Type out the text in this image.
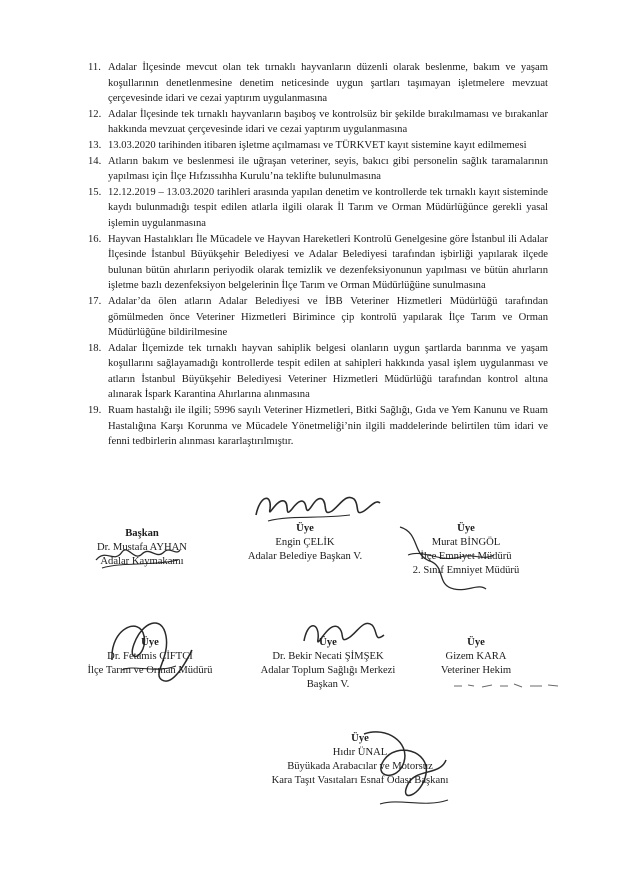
11. Adalar İlçesinde mevcut olan tek tırnaklı hayvanların düzenli olarak beslenme, bakım ve yaşam koşullarının denetlenmesine denetim neticesinde uygun şartları taşımayan işletmelere mevzuat çerçevesinde idari ve cezai yaptırım uygulanmasına
12. Adalar İlçesinde tek tırnaklı hayvanların başıboş ve kontrolsüz bir şekilde bırakılmaması ve bırakanlar hakkında mevzuat çerçevesinde idari ve cezai yaptırım uygulanmasına
13. 13.03.2020 tarihinden itibaren işletme açılmaması ve TÜRKVET kayıt sistemine kayıt edilmemesi
14. Atların bakım ve beslenmesi ile uğraşan veteriner, seyis, bakıcı gibi personelin sağlık taramalarının yapılması için İlçe Hıfzıssıhha Kurulu’na teklifte bulunulmasına
15. 12.12.2019 – 13.03.2020 tarihleri arasında yapılan denetim ve kontrollerde tek tırnaklı kayıt sisteminde kaydı bulunmadığı tespit edilen atlarla ilgili olarak İl Tarım ve Orman Müdürlüğünce gerekli yasal işlemin uygulanmasına
16. Hayvan Hastalıkları İle Mücadele ve Hayvan Hareketleri Kontrolü Genelgesine göre İstanbul ili Adalar İlçesinde İstanbul Büyükşehir Belediyesi ve Adalar Belediyesi tarafından işbirliği yapılarak ilçede bulunan bütün ahırların periyodik olarak temizlik ve dezenfeksiyonunun yapılması ve bütün ahırların işletme bazlı dezenfeksiyon belgelerinin İlçe Tarım ve Orman Müdürlüğüne sunulmasına
17. Adalar’da ölen atların Adalar Belediyesi ve İBB Veteriner Hizmetleri Müdürlüğü tarafından gömülmeden önce Veteriner Hizmetleri Birimince çip kontrolü yapılarak İlçe Tarım ve Orman Müdürlüğüne bildirilmesine
18. Adalar İlçemizde tek tırnaklı hayvan sahiplik belgesi olanların uygun şartlarda barınma ve yaşam koşullarını sağlayamadığı kontrollerde tespit edilen at sahipleri hakkında yasal işlem uygulanması ve atların İstanbul Büyükşehir Belediyesi Veteriner Hizmetleri Müdürlüğü tarafından kontrol altına alınarak İspark Karantina Ahırlarına alınmasına
19. Ruam hastalığı ile ilgili; 5996 sayılı Veteriner Hizmetleri, Bitki Sağlığı, Gıda ve Yem Kanunu ve Ruam Hastalığına Karşı Korunma ve Mücadele Yönetmeliği’nin ilgili maddelerinde belirtilen tüm idari ve fenni tedbirlerin alınması kararlaştırılmıştır.
Başkan
Dr. Mustafa AYHAN
Adalar Kaymakamı
Üye
Engin ÇELİK
Adalar Belediye Başkan V.
Üye
Murat BİNGÖL
İlçe Emniyet Müdürü
2. Sınıf Emniyet Müdürü
Üye
Dr. Fetamis ÇİFTÇİ
İlçe Tarım ve Orman Müdürü
Üye
Dr. Bekir Necati ŞİMŞEK
Adalar Toplum Sağlığı Merkezi
Başkan V.
Üye
Gizem KARA
Veteriner Hekim
Üye
Hıdır ÜNAL
Büyükada Arabacılar ve Motorsuz
Kara Taşıt Vasıtaları Esnaf Odası Başkanı
